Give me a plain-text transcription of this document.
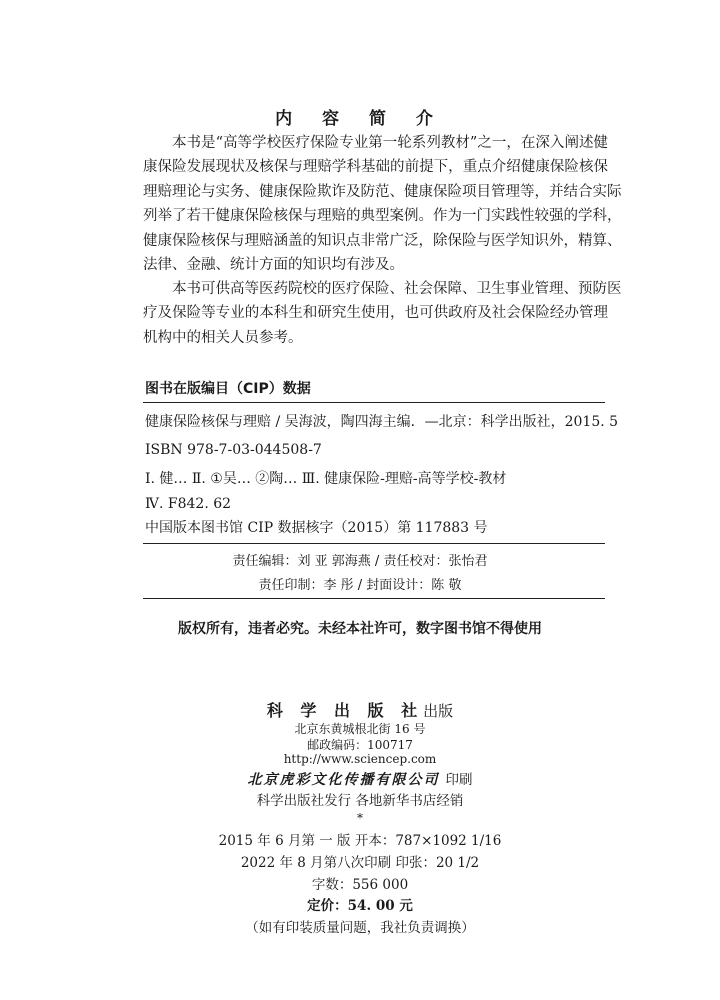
内 容 简 介

本书是“高等学校医疗保险专业第一轮系列教材”之一，在深入阐述健

康保险发展现状及核保与理赔学科基础的前提下，重点介绍健康保险核保

理赔理论与实务、健康保险欺诈及防范、健康保险项目管理等，并结合实际

列举了若干健康保险核保与理赔的典型案例。作为一门实践性较强的学科，

健康保险核保与理赔涵盖的知识点非常广泛，除保险与医学知识外，精算、

法律、金融、统计方面的知识均有涉及。

本书可供高等医药院校的医疗保险、社会保障、卫生事业管理、预防医

疗及保险等专业的本科生和研究生使用，也可供政府及社会保险经办管理

机构中的相关人员参考。

图书在版编目（CIP）数据
健康保险核保与理赔 / 吴海波，陶四海主编．—北京：科学出版社，2015. 5
ISBN 978-7-03-044508-7
Ⅰ. 健… Ⅱ. ①吴… ②陶… Ⅲ. 健康保险-理赔-高等学校-教材
Ⅳ. F842. 62
中国版本图书馆 CIP 数据核字（2015）第 117883 号
责任编辑：刘 亚 郭海燕 / 责任校对：张怡君
责任印制：李 彤 / 封面设计：陈 敬
版权所有，违者必究。未经本社许可，数字图书馆不得使用
科 学 出 版 社出版
北京东黄城根北街 16 号
邮政编码：100717
http://www.sciencep.com
北京虎彩文化传播有限公司 印刷
科学出版社发行 各地新华书店经销
*
2015 年 6 月第 一 版 开本：787×1092 1/16
2022 年 8 月第八次印刷 印张：20 1/2
字数：556 000
定价：54. 00 元
（如有印装质量问题，我社负责调换）
